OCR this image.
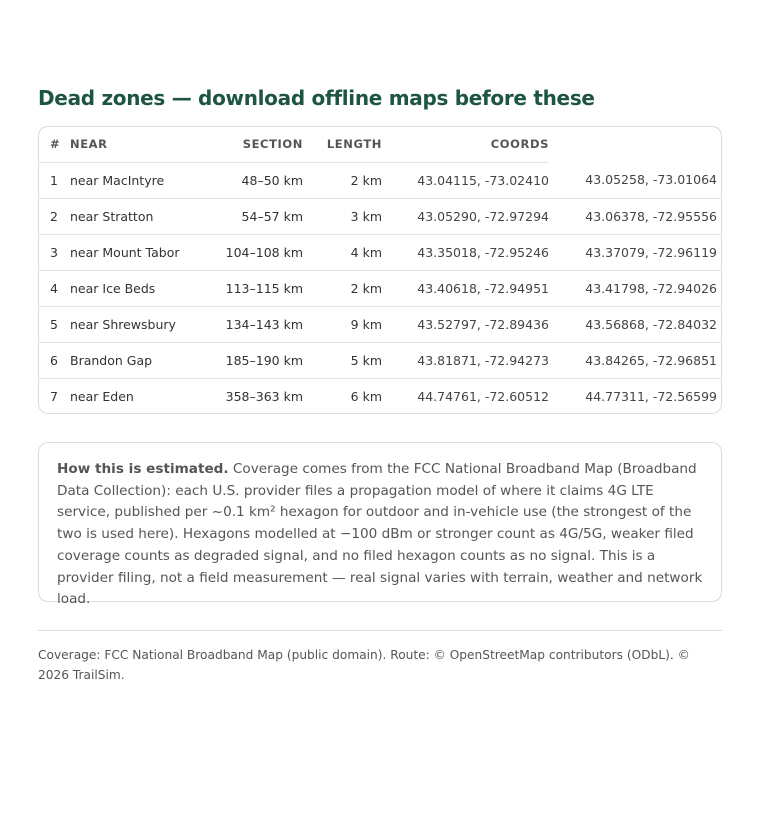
Dead zones — download offline maps before these
#	NEAR	SECTION	LENGTH	COORDS	
1	near MacIntyre	48–50 km	2 km	43.04115, -73.02410	43.05258, -73.01064
2	near Stratton	54–57 km	3 km	43.05290, -72.97294	43.06378, -72.95556
3	near Mount Tabor	104–108 km	4 km	43.35018, -72.95246	43.37079, -72.96119
4	near Ice Beds	113–115 km	2 km	43.40618, -72.94951	43.41798, -72.94026
5	near Shrewsbury	134–143 km	9 km	43.52797, -72.89436	43.56868, -72.84032
6	Brandon Gap	185–190 km	5 km	43.81871, -72.94273	43.84265, -72.96851
7	near Eden	358–363 km	6 km	44.74761, -72.60512	44.77311, -72.56599
How this is estimated. Coverage comes from the FCC National Broadband Map (Broadband Data Collection): each U.S. provider files a propagation model of where it claims 4G LTE service, published per ~0.1 km² hexagon for outdoor and in-vehicle use (the strongest of the two is used here). Hexagons modelled at −100 dBm or stronger count as 4G/5G, weaker filed coverage counts as degraded signal, and no filed hexagon counts as no signal. This is a provider filing, not a field measurement — real signal varies with terrain, weather and network load.
Coverage: FCC National Broadband Map (public domain). Route: © OpenStreetMap contributors (ODbL). © 2026 TrailSim.
